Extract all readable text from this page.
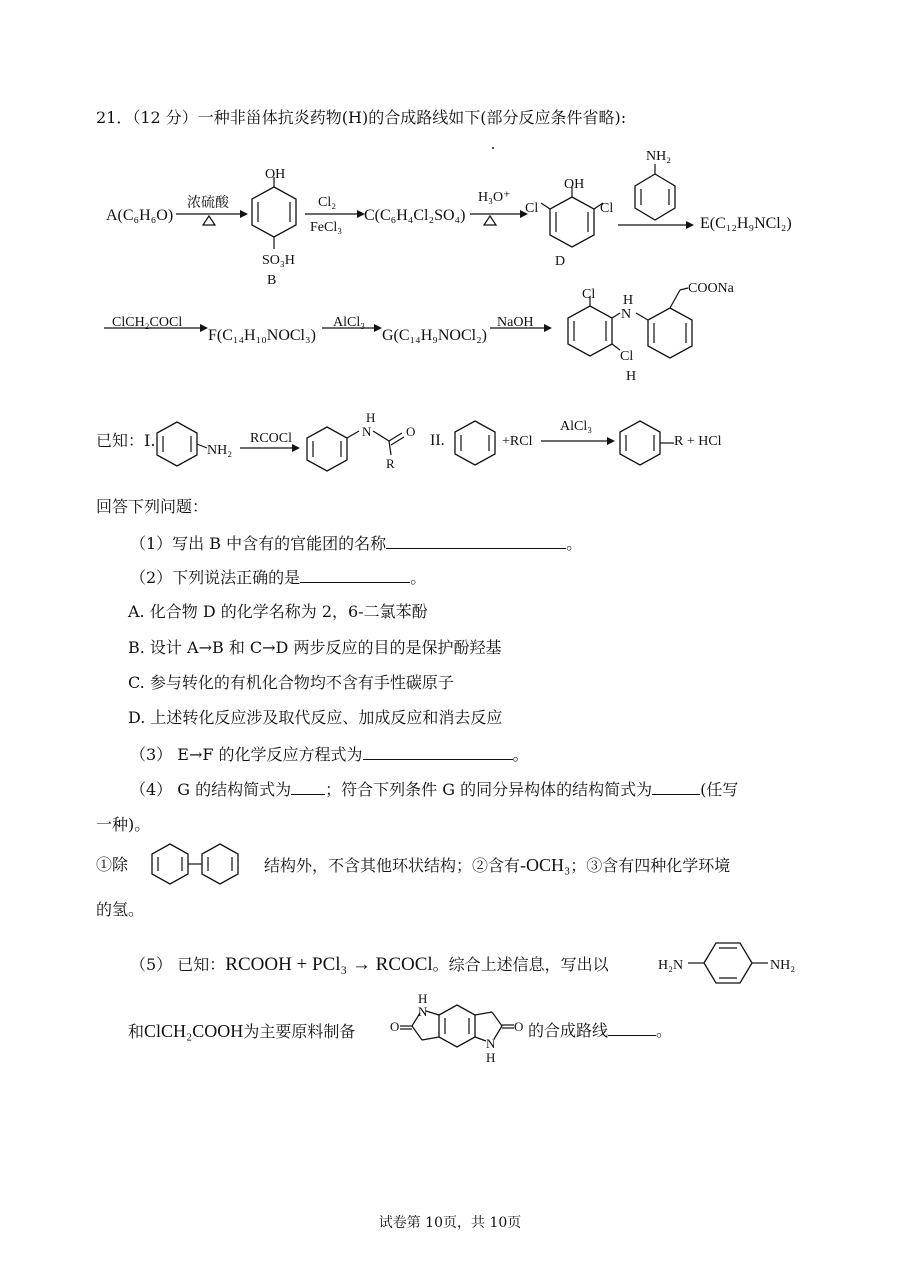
21．（12 分）一种非甾体抗炎药物(H)的合成路线如下(部分反应条件省略):
A(C₆H₆O)
浓硫酸
OH
SO₃H
B
Cl₂
FeCl₃
C(C₆H₄Cl₂SO₄)
H₃O⁺
OH
Cl	Cl
D
NH₂
E(C₁₂H₉NCl₂)
ClCH₂COCl
F(C₁₄H₁₀NOCl₃)
AlCl₃
G(C₁₄H₉NOCl₂)
NaOH
Cl H
N
COONa
Cl
H
已知：I.
NH₂
RCOCl
H
N	O
R
II.	+RCl
AlCl₃
R + HCl
回答下列问题：
（1）写出 B 中含有的官能团的名称	。
（2）下列说法正确的是	。
A. 化合物 D 的化学名称为 2，6-二氯苯酚
B. 设计 A→B 和 C→D 两步反应的目的是保护酚羟基
C. 参与转化的有机化合物均不含有手性碳原子
D. 上述转化反应涉及取代反应、加成反应和消去反应
（3） E→F 的化学反应方程式为	。
（4） G 的结构简式为 ；符合下列条件 G 的同分异构体的结构简式为	(任写
一种)。
①除	结构外，不含其他环状结构；②含有-OCH₃；③含有四种化学环境
的氢。
（5） 已知：RCOOH + PCl₃ → RCOCl。综合上述信息，写出以	H₂N	NH₂
和ClCH₂COOH为主要原料制备
H
N
O	O
N
H
的合成路线	。
试卷第 10页，共 10页
